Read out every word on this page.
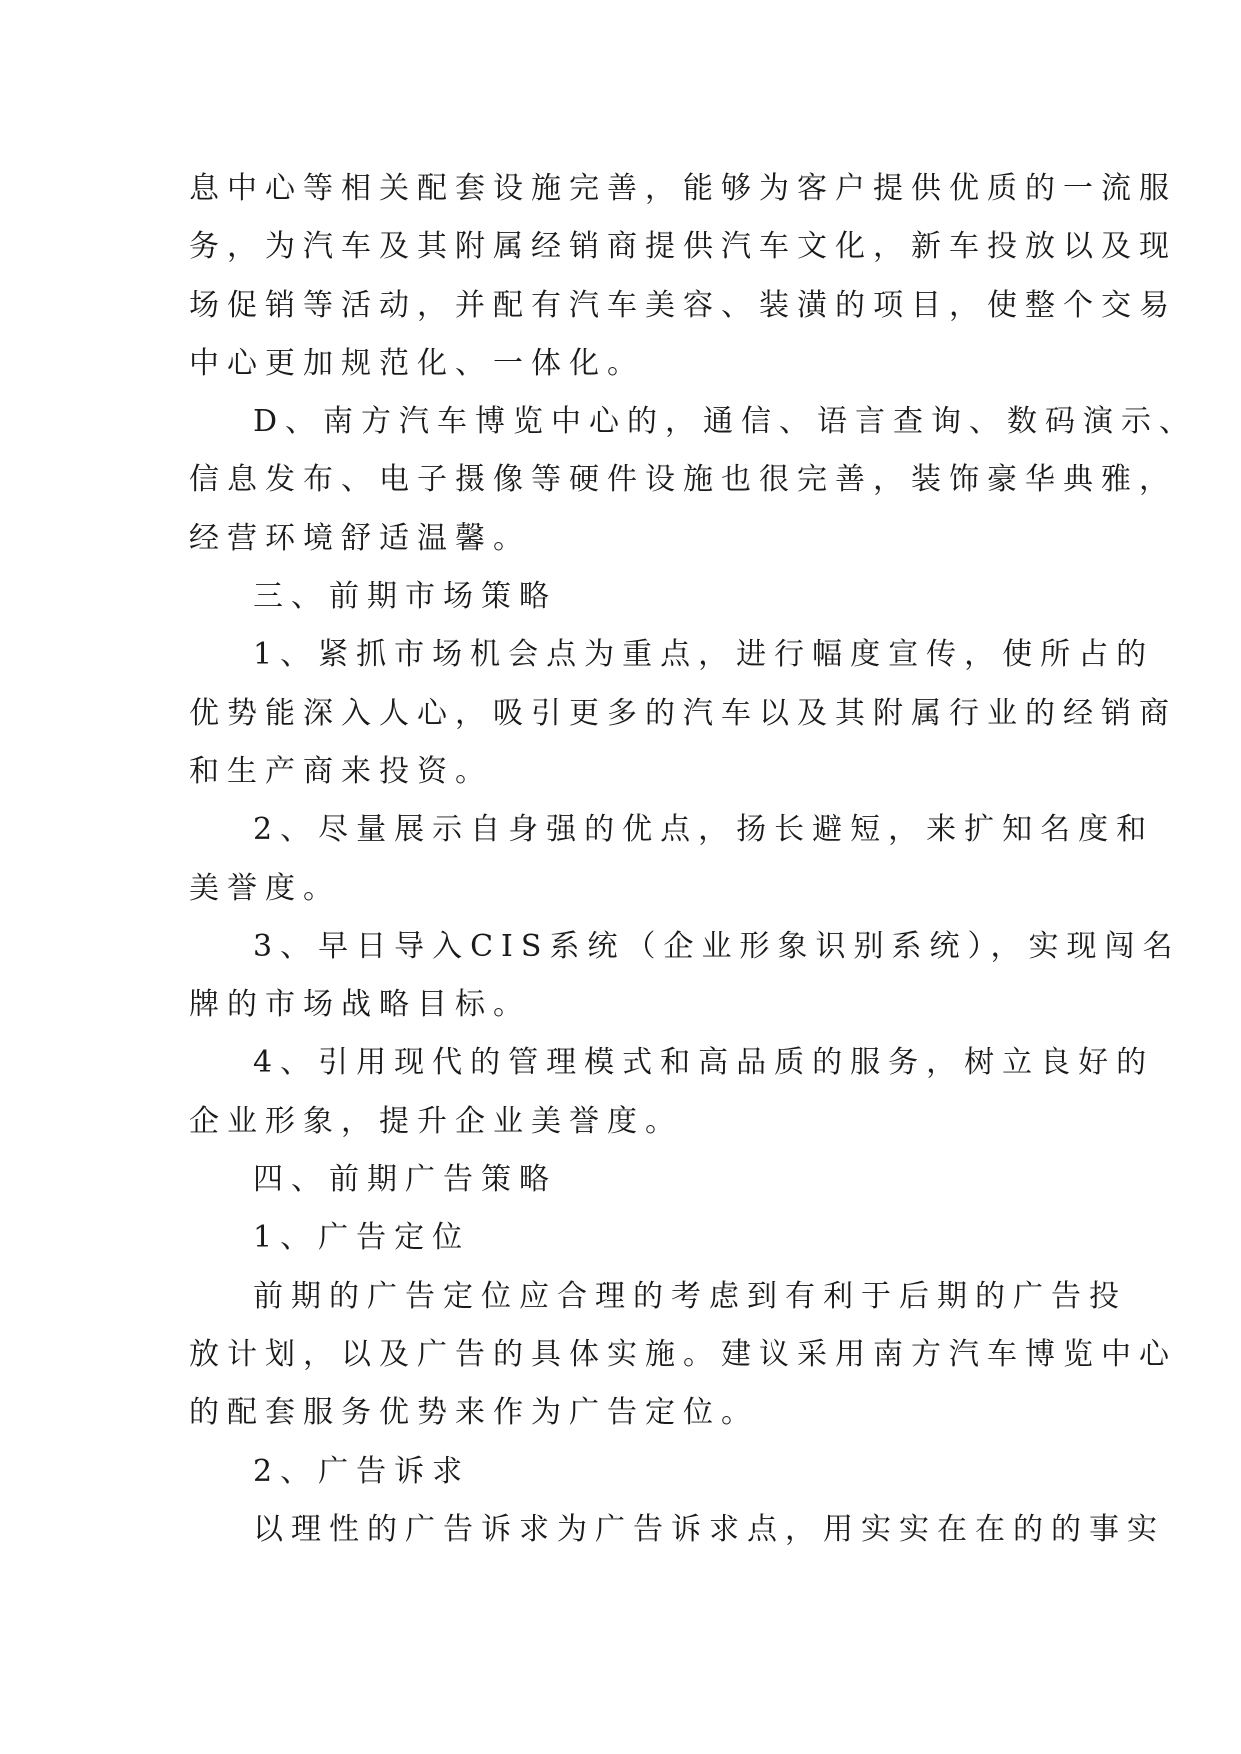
息中心等相关配套设施完善，能够为客户提供优质的一流服
务，为汽车及其附属经销商提供汽车文化，新车投放以及现
场促销等活动，并配有汽车美容、装潢的项目，使整个交易
中心更加规范化、一体化。
D、南方汽车博览中心的，通信、语言查询、数码演示、
信息发布、电子摄像等硬件设施也很完善，装饰豪华典雅，
经营环境舒适温馨。
三、前期市场策略
1、紧抓市场机会点为重点，进行幅度宣传，使所占的
优势能深入人心，吸引更多的汽车以及其附属行业的经销商
和生产商来投资。
2、尽量展示自身强的优点，扬长避短，来扩知名度和
美誉度。
3、早日导入CIS系统（企业形象识别系统），实现闯名
牌的市场战略目标。
4、引用现代的管理模式和高品质的服务，树立良好的
企业形象，提升企业美誉度。
四、前期广告策略
1、广告定位
前期的广告定位应合理的考虑到有利于后期的广告投
放计划，以及广告的具体实施。建议采用南方汽车博览中心
的配套服务优势来作为广告定位。
2、广告诉求
以理性的广告诉求为广告诉求点，用实实在在的的事实
